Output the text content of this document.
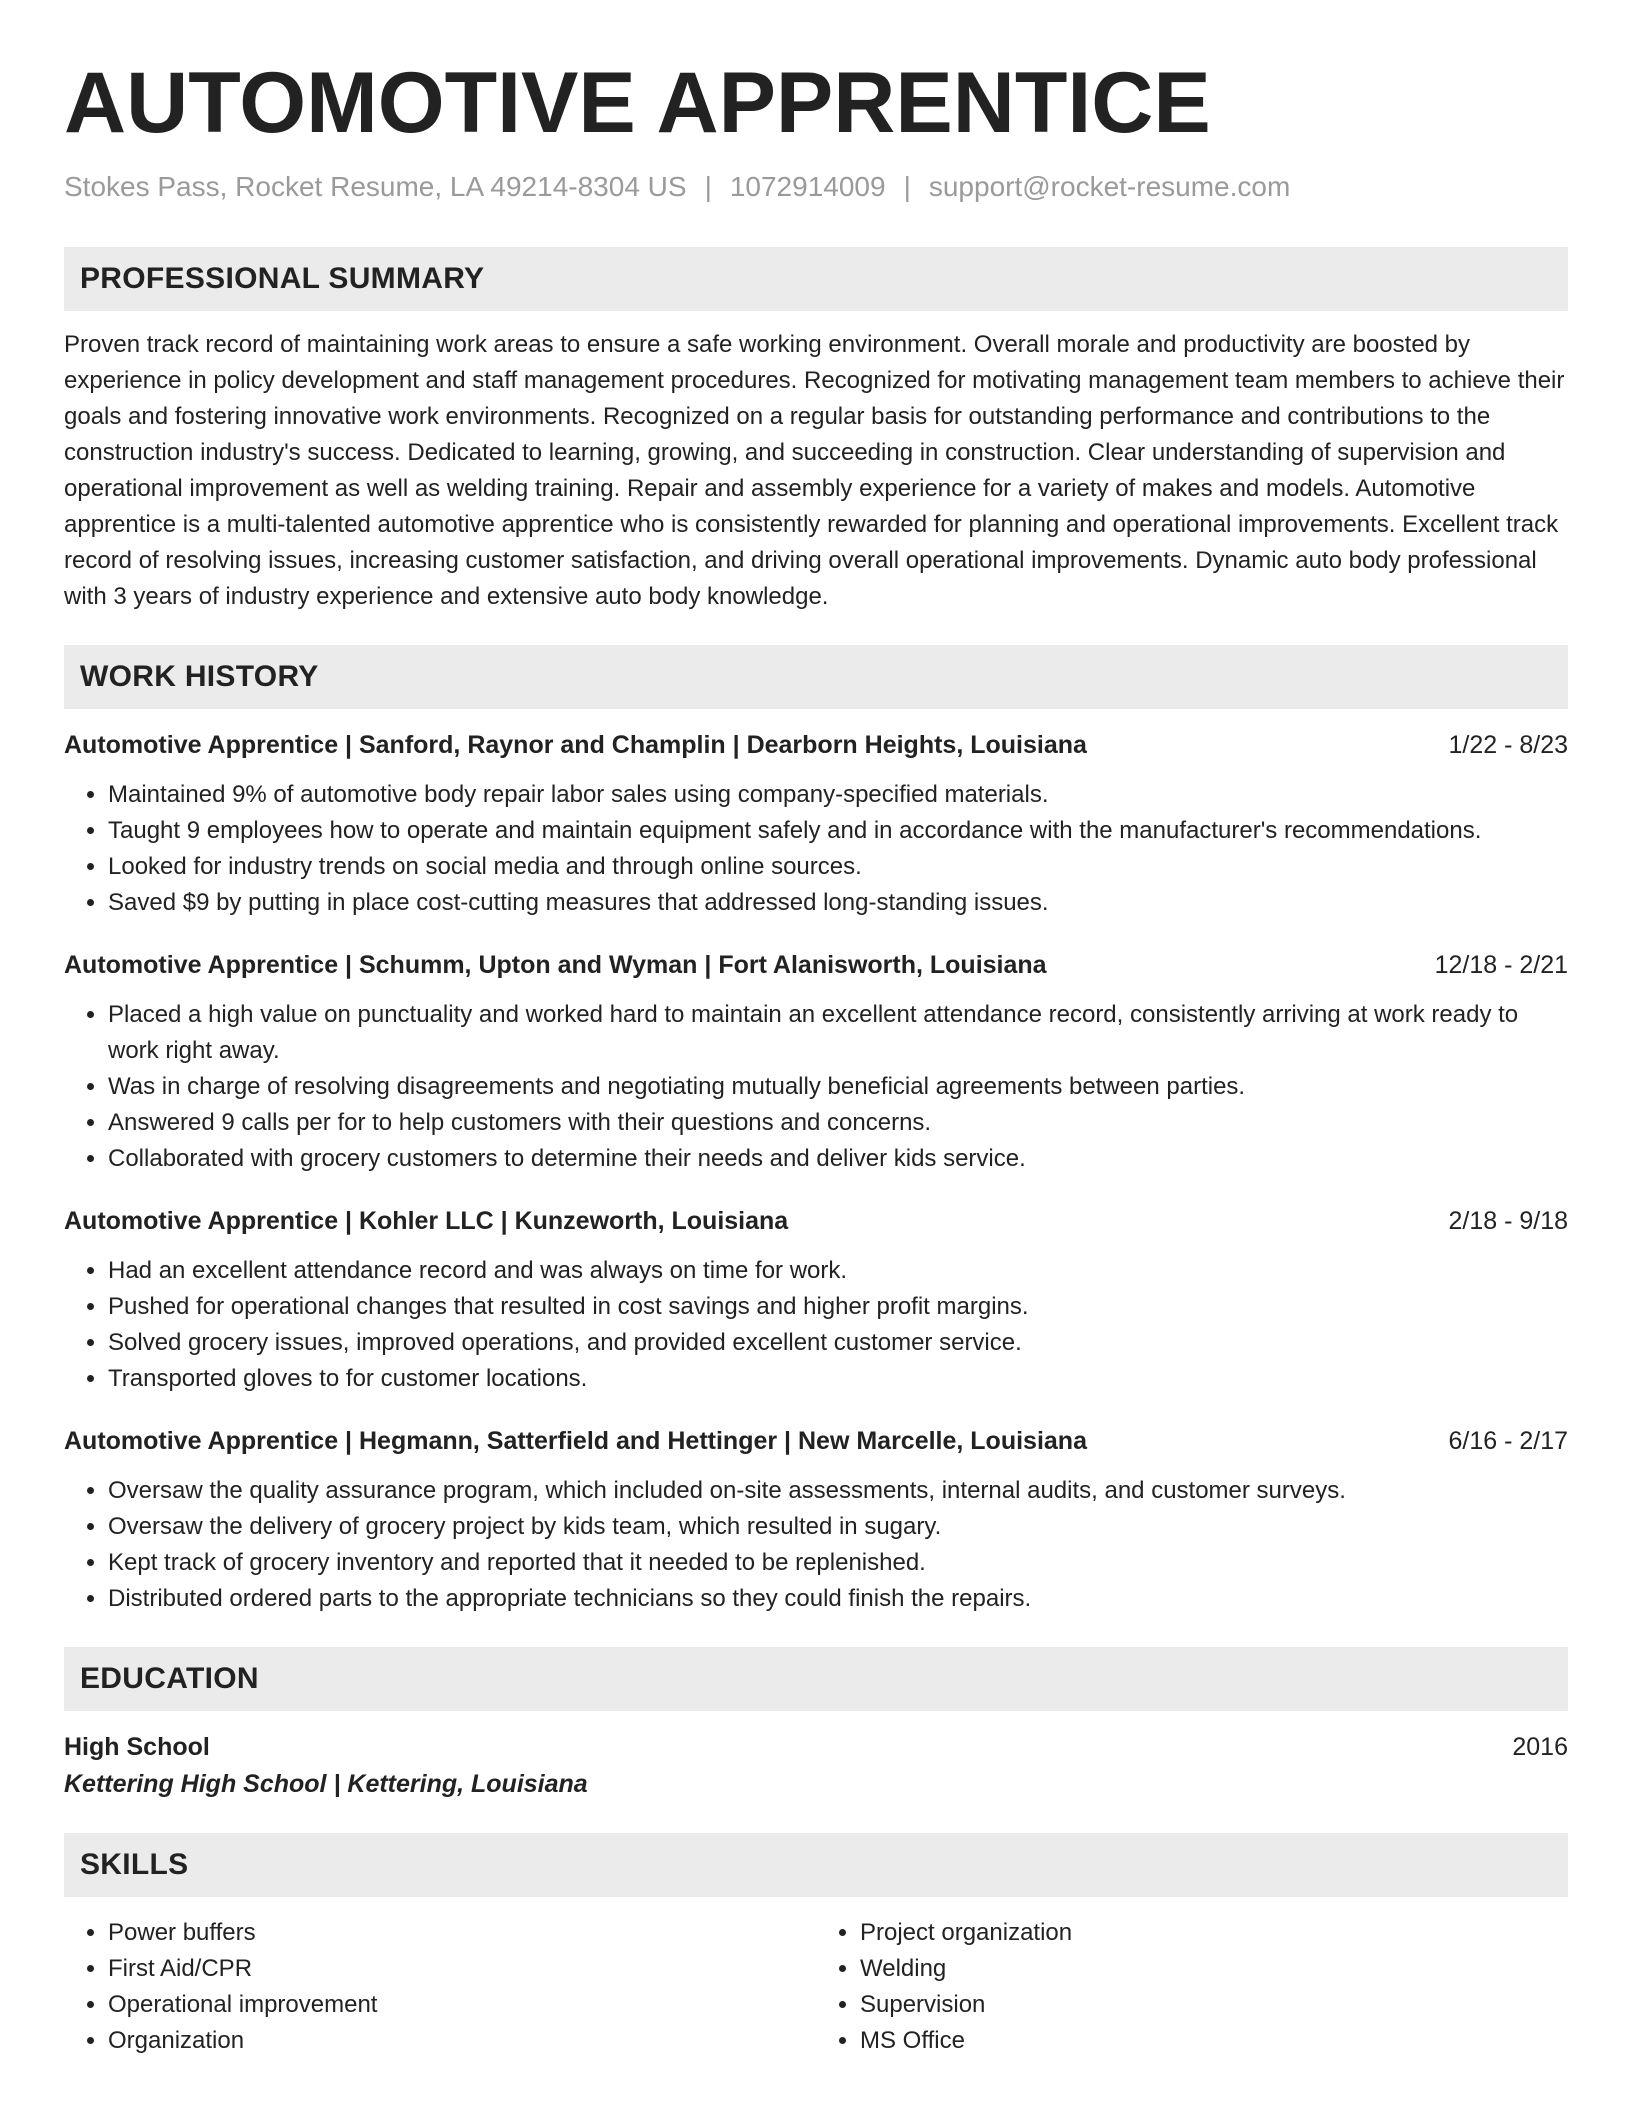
AUTOMOTIVE APPRENTICE
Stokes Pass, Rocket Resume, LA 49214-8304 US | 1072914009 | support@rocket-resume.com
PROFESSIONAL SUMMARY
Proven track record of maintaining work areas to ensure a safe working environment. Overall morale and productivity are boosted by experience in policy development and staff management procedures. Recognized for motivating management team members to achieve their goals and fostering innovative work environments. Recognized on a regular basis for outstanding performance and contributions to the construction industry's success. Dedicated to learning, growing, and succeeding in construction. Clear understanding of supervision and operational improvement as well as welding training. Repair and assembly experience for a variety of makes and models. Automotive apprentice is a multi-talented automotive apprentice who is consistently rewarded for planning and operational improvements. Excellent track record of resolving issues, increasing customer satisfaction, and driving overall operational improvements. Dynamic auto body professional with 3 years of industry experience and extensive auto body knowledge.
WORK HISTORY
Automotive Apprentice | Sanford, Raynor and Champlin | Dearborn Heights, Louisiana	1/22 - 8/23
• Maintained 9% of automotive body repair labor sales using company-specified materials.
• Taught 9 employees how to operate and maintain equipment safely and in accordance with the manufacturer's recommendations.
• Looked for industry trends on social media and through online sources.
• Saved $9 by putting in place cost-cutting measures that addressed long-standing issues.
Automotive Apprentice | Schumm, Upton and Wyman | Fort Alanisworth, Louisiana	12/18 - 2/21
• Placed a high value on punctuality and worked hard to maintain an excellent attendance record, consistently arriving at work ready to work right away.
• Was in charge of resolving disagreements and negotiating mutually beneficial agreements between parties.
• Answered 9 calls per for to help customers with their questions and concerns.
• Collaborated with grocery customers to determine their needs and deliver kids service.
Automotive Apprentice | Kohler LLC | Kunzeworth, Louisiana	2/18 - 9/18
• Had an excellent attendance record and was always on time for work.
• Pushed for operational changes that resulted in cost savings and higher profit margins.
• Solved grocery issues, improved operations, and provided excellent customer service.
• Transported gloves to for customer locations.
Automotive Apprentice | Hegmann, Satterfield and Hettinger | New Marcelle, Louisiana	6/16 - 2/17
• Oversaw the quality assurance program, which included on-site assessments, internal audits, and customer surveys.
• Oversaw the delivery of grocery project by kids team, which resulted in sugary.
• Kept track of grocery inventory and reported that it needed to be replenished.
• Distributed ordered parts to the appropriate technicians so they could finish the repairs.
EDUCATION
High School	2016
Kettering High School | Kettering, Louisiana
SKILLS
• Power buffers
• First Aid/CPR
• Operational improvement
• Organization
• Project organization
• Welding
• Supervision
• MS Office
